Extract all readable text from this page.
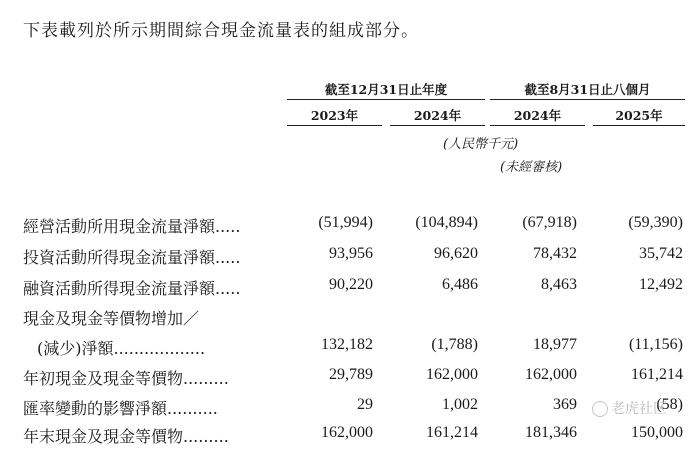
下表載列於所示期間綜合現金流量表的組成部分。
截至12月31日止年度	截至8月31日止八個月
2023年	2024年	2024年	2025年
(人民幣千元)
(未經審核)
經營活動所用現金流量淨額.....	(51,994)	(104,894)	(67,918)	(59,390)
投資活動所得現金流量淨額.....	93,956	96,620	78,432	35,742
融資活動所得現金流量淨額.....	90,220	6,486	8,463	12,492
現金及現金等價物增加／
(減少)淨額..................	132,182	(1,788)	18,977	(11,156)
年初現金及現金等價物.........	29,789	162,000	162,000	161,214
匯率變動的影響淨額..........	29	1,002	369	(58)
年末現金及現金等價物.........	162,000	161,214	181,346	150,000
老虎社区
